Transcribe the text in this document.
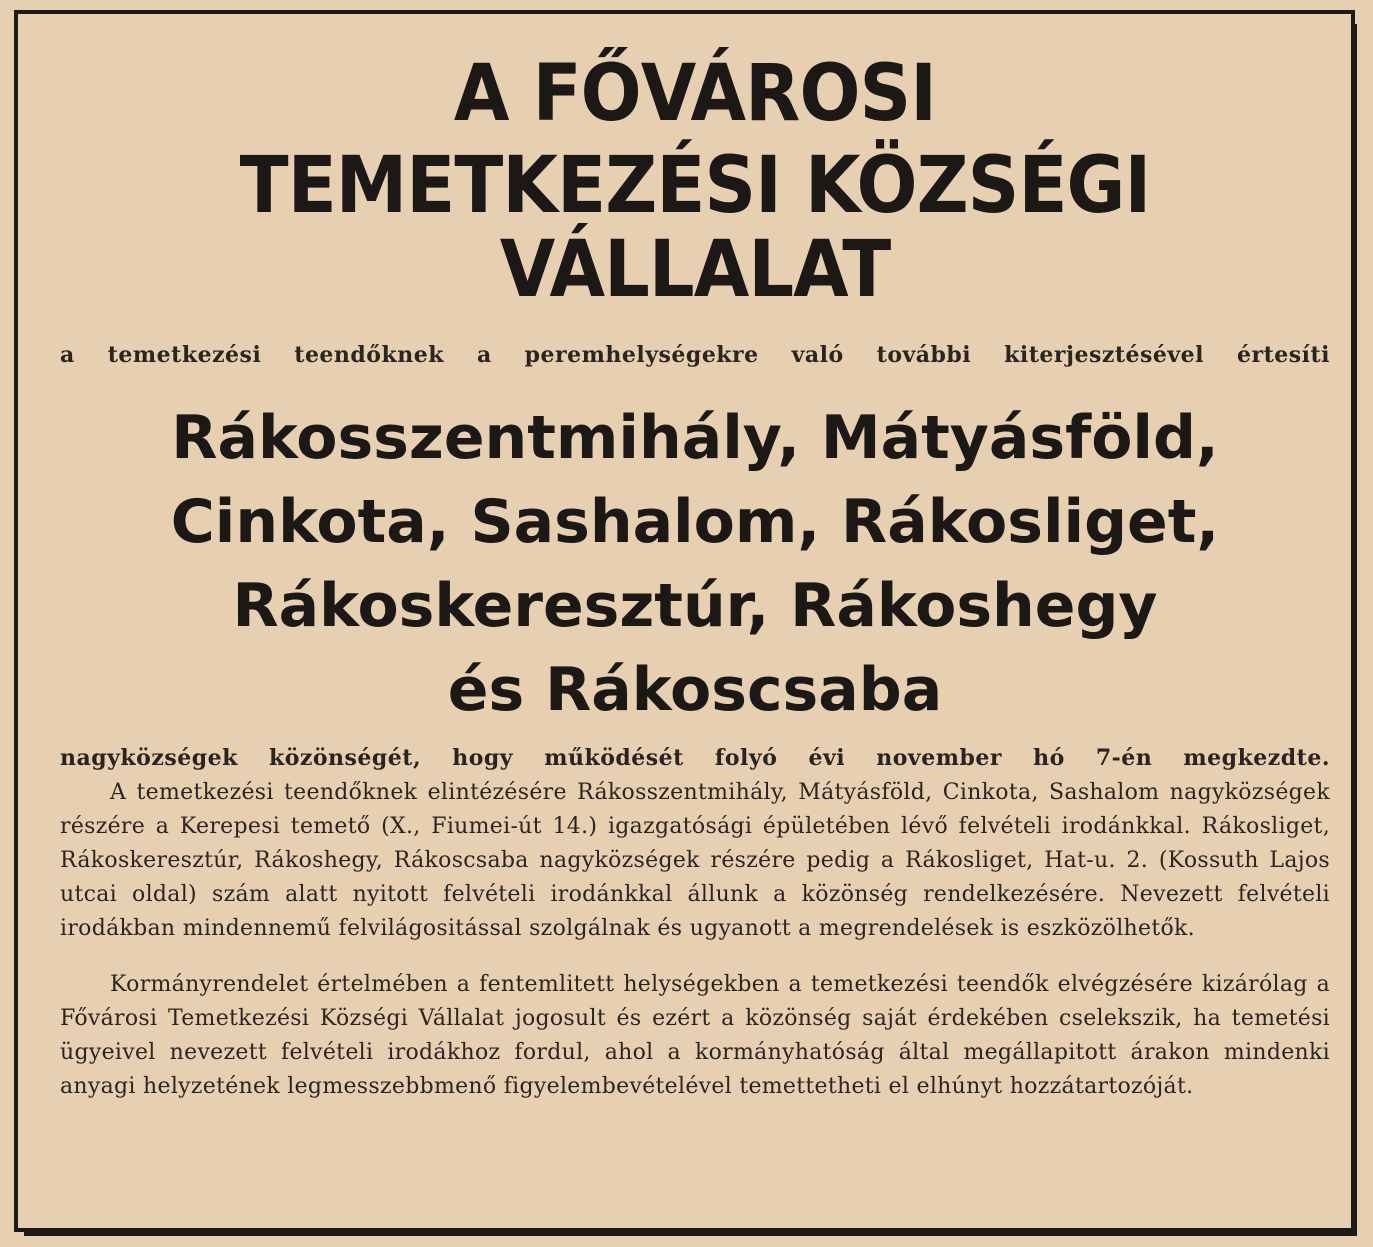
A FŐVÁROSI
TEMETKEZÉSI KÖZSÉGI VÁLLALAT
a temetkezési teendőknek a peremhelységekre való további kiterjesztésével értesíti
Rákosszentmihály, Mátyásföld,
Cinkota, Sashalom, Rákosliget,
Rákoskeresztúr, Rákoshegy
és Rákoscsaba
nagyközségek közönségét, hogy működését folyó évi november hó 7-én megkezdte.

A temetkezési teendőknek elintézésére Rákosszentmihály, Mátyásföld, Cinkota, Sashalom nagyközségek részére a Kerepesi temető (X., Fiumei-út 14.) igazgatósági épületében lévő felvételi irodánkkal. Rákosliget, Rákoskeresztúr, Rákoshegy, Rákoscsaba nagyközségek részére pedig a Rákosliget, Hat-u. 2. (Kossuth Lajos utcai oldal) szám alatt nyitott felvételi irodánkkal állunk a közönség rendelkezésére. Nevezett felvételi irodákban mindennemű felvilágositással szolgálnak és ugyanott a megrendelések is eszközölhetők.

Kormányrendelet értelmében a fentemlitett helységekben a temetkezési teendők elvégzésére kizárólag a Fővárosi Temetkezési Községi Vállalat jogosult és ezért a közönség saját érdekében cselekszik, ha temetési ügyeivel nevezett felvételi irodákhoz fordul, ahol a kormányhatóság által megállapitott árakon mindenki anyagi helyzetének legmesszebbmenő figyelembevételével temettetheti el elhúnyt hozzátartozóját.
